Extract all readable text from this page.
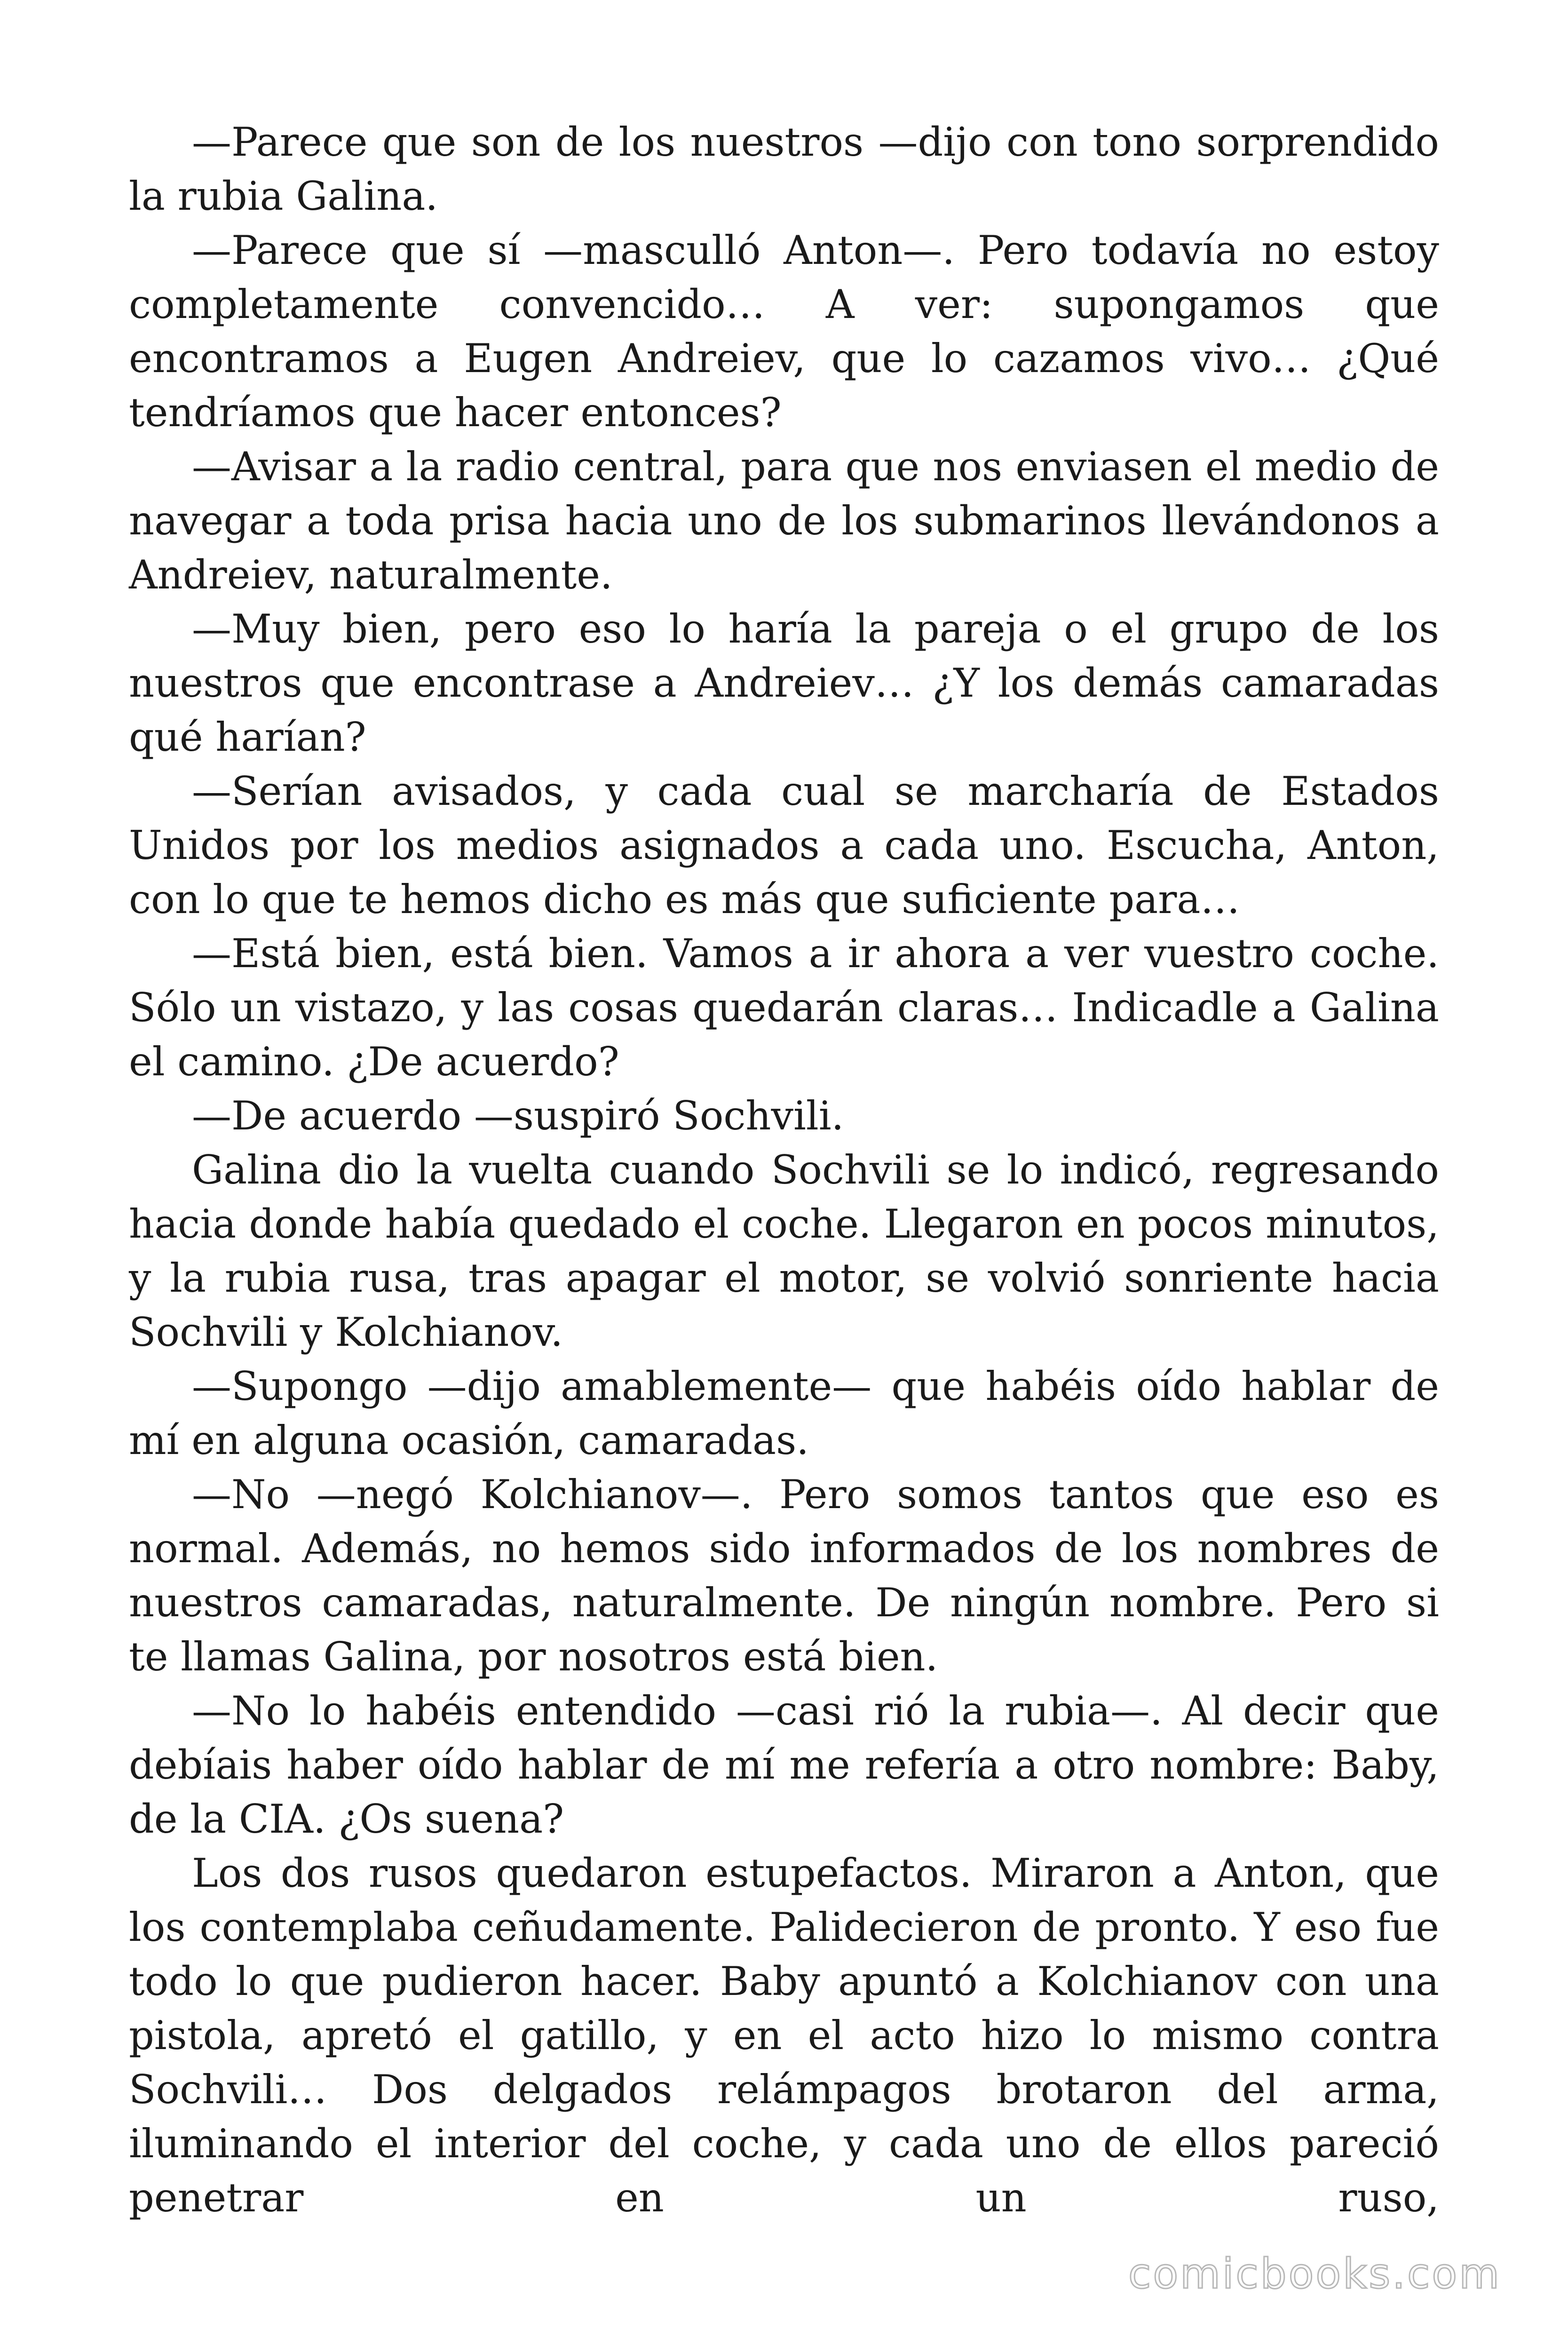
—Parece que son de los nuestros —dijo con tono sorprendido la rubia Galina.

—Parece que sí —masculló Anton—. Pero todavía no estoy completamente convencido… A ver: supongamos que encontramos a Eugen Andreiev, que lo cazamos vivo… ¿Qué tendríamos que hacer entonces?

—Avisar a la radio central, para que nos enviasen el medio de navegar a toda prisa hacia uno de los submarinos llevándonos a Andreiev, naturalmente.

—Muy bien, pero eso lo haría la pareja o el grupo de los nuestros que encontrase a Andreiev… ¿Y los demás camaradas qué harían?

—Serían avisados, y cada cual se marcharía de Estados Unidos por los medios asignados a cada uno. Escucha, Anton, con lo que te hemos dicho es más que suficiente para…

—Está bien, está bien. Vamos a ir ahora a ver vuestro coche. Sólo un vistazo, y las cosas quedarán claras… Indicadle a Galina el camino. ¿De acuerdo?

—De acuerdo —suspiró Sochvili.

Galina dio la vuelta cuando Sochvili se lo indicó, regresando hacia donde había quedado el coche. Llegaron en pocos minutos, y la rubia rusa, tras apagar el motor, se volvió sonriente hacia Sochvili y Kolchianov.

—Supongo —dijo amablemente— que habéis oído hablar de mí en alguna ocasión, camaradas.

—No —negó Kolchianov—. Pero somos tantos que eso es normal. Además, no hemos sido informados de los nombres de nuestros camaradas, naturalmente. De ningún nombre. Pero si te llamas Galina, por nosotros está bien.

—No lo habéis entendido —casi rió la rubia—. Al decir que debíais haber oído hablar de mí me refería a otro nombre: Baby, de la CIA. ¿Os suena?

Los dos rusos quedaron estupefactos. Miraron a Anton, que los contemplaba ceñudamente. Palidecieron de pronto. Y eso fue todo lo que pudieron hacer. Baby apuntó a Kolchianov con una pistola, apretó el gatillo, y en el acto hizo lo mismo contra Sochvili… Dos delgados relámpagos brotaron del arma, iluminando el interior del coche, y cada uno de ellos pareció penetrar en un ruso,

comicbooks.com
